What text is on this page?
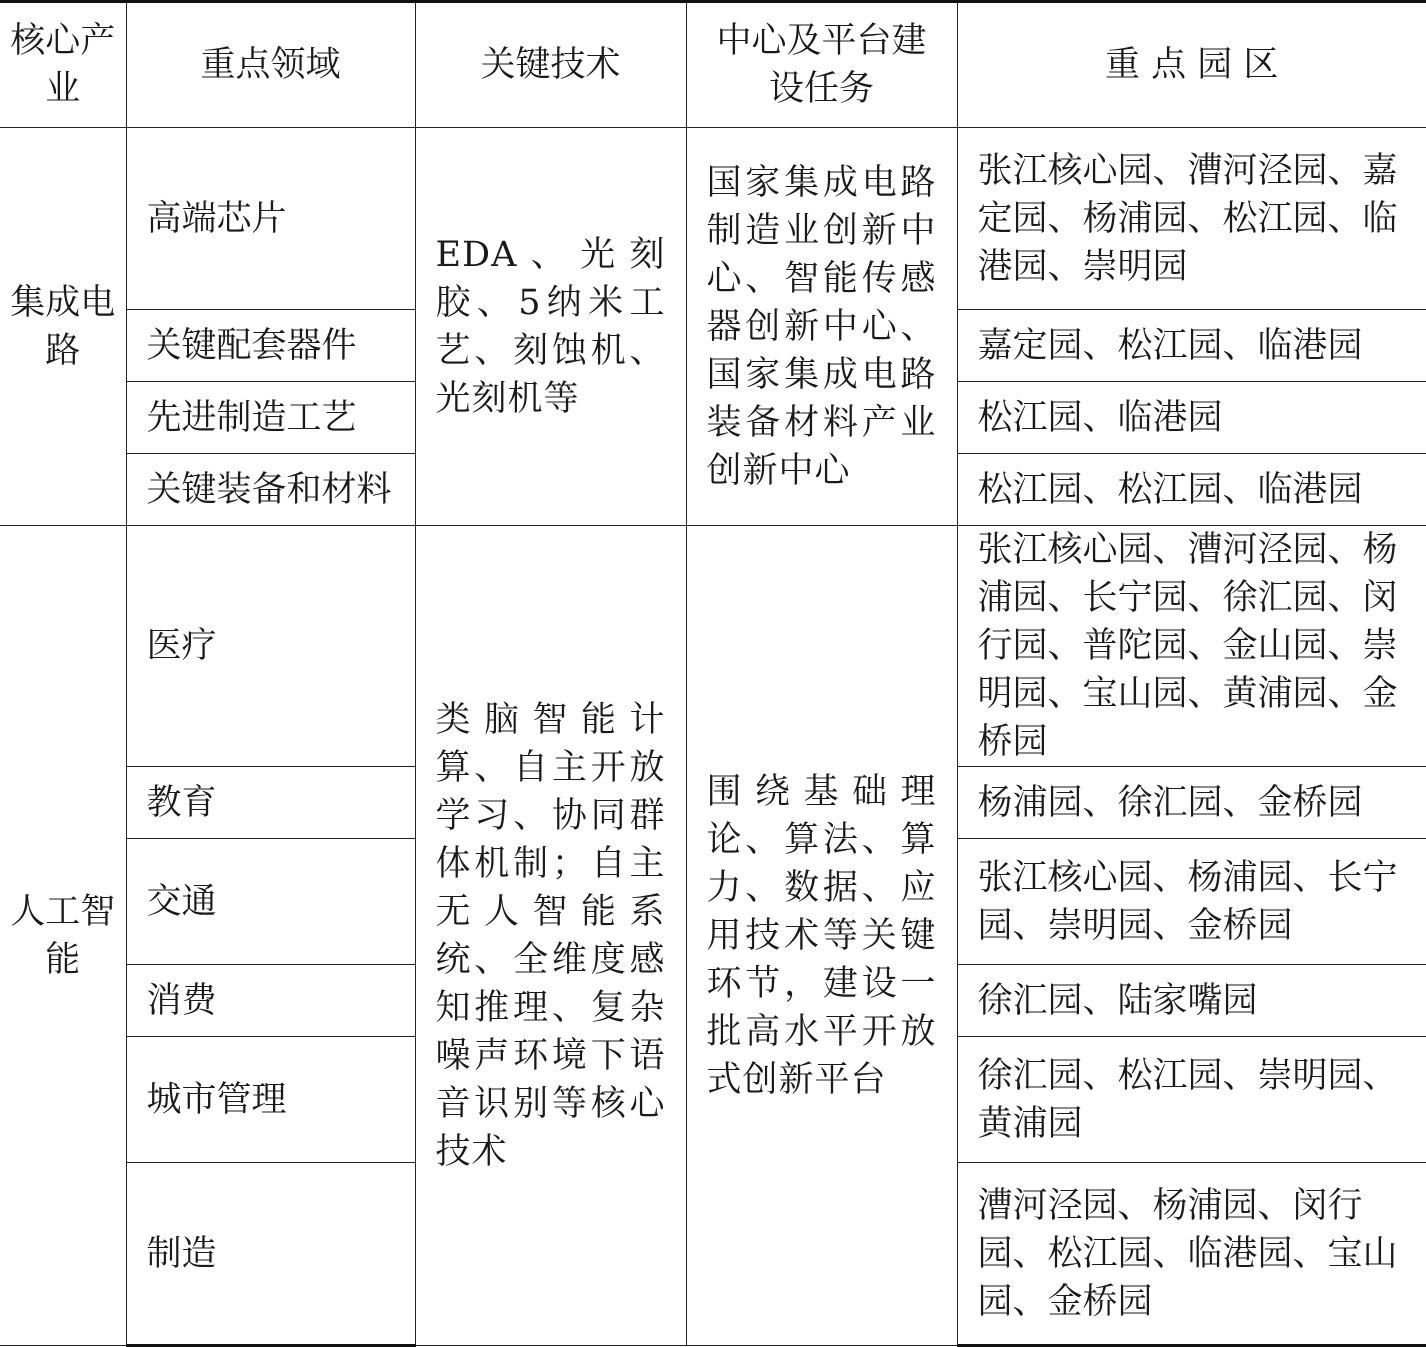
核心产业	重点领域	关键技术	中心及平台建设任务	重 点 园 区
集成电路	高端芯片	EDA、光刻胶、5纳米工艺、刻蚀机、光刻机等	国家集成电路制造业创新中心、智能传感器创新中心、国家集成电路装备材料产业创新中心	张江核心园、漕河泾园、嘉定园、杨浦园、松江园、临港园、崇明园
	关键配套器件			嘉定园、松江园、临港园
	先进制造工艺			松江园、临港园
	关键装备和材料			松江园、松江园、临港园
人工智能	医疗	类脑智能计算、自主开放学习、协同群体机制；自主无人智能系统、全维度感知推理、复杂噪声环境下语音识别等核心技术	围绕基础理论、算法、算力、数据、应用技术等关键环节，建设一批高水平开放式创新平台	张江核心园、漕河泾园、杨浦园、长宁园、徐汇园、闵行园、普陀园、金山园、崇明园、宝山园、黄浦园、金桥园
	教育			杨浦园、徐汇园、金桥园
	交通			张江核心园、杨浦园、长宁园、崇明园、金桥园
	消费			徐汇园、陆家嘴园
	城市管理			徐汇园、松江园、崇明园、黄浦园
	制造			漕河泾园、杨浦园、闵行园、松江园、临港园、宝山园、金桥园
